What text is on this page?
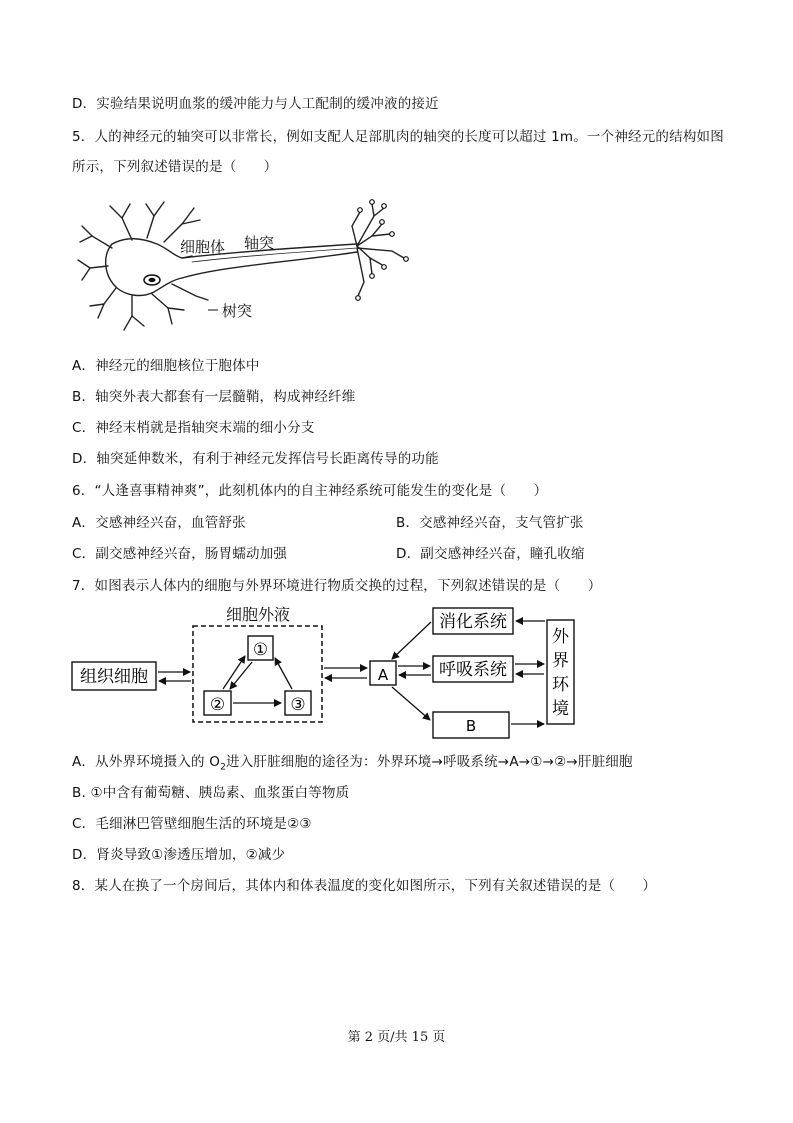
D．实验结果说明血浆的缓冲能力与人工配制的缓冲液的接近
5．人的神经元的轴突可以非常长，例如支配人足部肌肉的轴突的长度可以超过 1m。一个神经元的结构如图
所示，下列叙述错误的是（　　）
细胞体 轴突
树突
A．神经元的细胞核位于胞体中
B．轴突外表大都套有一层髓鞘，构成神经纤维
C．神经末梢就是指轴突末端的细小分支
D．轴突延伸数米，有利于神经元发挥信号长距离传导的功能
6．“人逢喜事精神爽”，此刻机体内的自主神经系统可能发生的变化是（　　）
A．交感神经兴奋，血管舒张	B．交感神经兴奋，支气管扩张
C．副交感神经兴奋，肠胃蠕动加强	D．副交感神经兴奋，瞳孔收缩
7．如图表示人体内的细胞与外界环境进行物质交换的过程，下列叙述错误的是（　　）
细胞外液
①
②	③
组织细胞	A
消化系统
呼吸系统
B
外
界
环
境
A．从外界环境摄入的 $O_2$进入肝脏细胞的途径为：外界环境→呼吸系统→A→①→②→肝脏细胞
B. ①中含有葡萄糖、胰岛素、血浆蛋白等物质
C．毛细淋巴管壁细胞生活的环境是②③
D．肾炎导致①渗透压增加，②减少
8．某人在换了一个房间后，其体内和体表温度的变化如图所示，下列有关叙述错误的是（　　）
第 2 页/共 15 页
